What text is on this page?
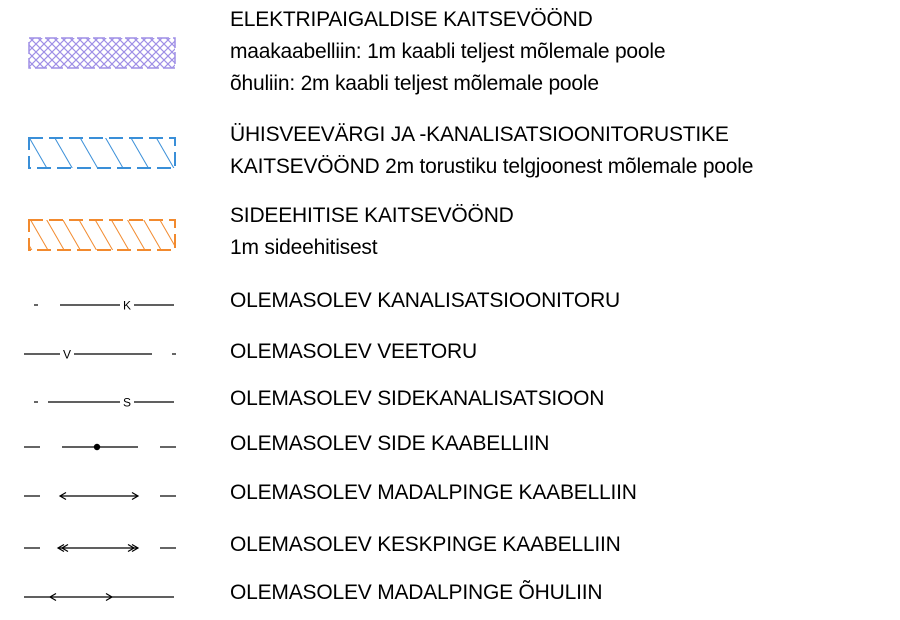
K
V
S
ELEKTRIPAIGALDISE KAITSEVÖÖND
maakaabelliin: 1m kaabli teljest mõlemale poole
õhuliin: 2m kaabli teljest mõlemale poole
ÜHISVEEVÄRGI JA -KANALISATSIOONITORUSTIKE
KAITSEVÖÖND 2m torustiku telgjoonest mõlemale poole
SIDEEHITISE KAITSEVÖÖND
1m sideehitisest
OLEMASOLEV KANALISATSIOONITORU
OLEMASOLEV VEETORU
OLEMASOLEV SIDEKANALISATSIOON
OLEMASOLEV SIDE KAABELLIIN
OLEMASOLEV MADALPINGE KAABELLIIN
OLEMASOLEV KESKPINGE KAABELLIIN
OLEMASOLEV MADALPINGE ÕHULIIN
